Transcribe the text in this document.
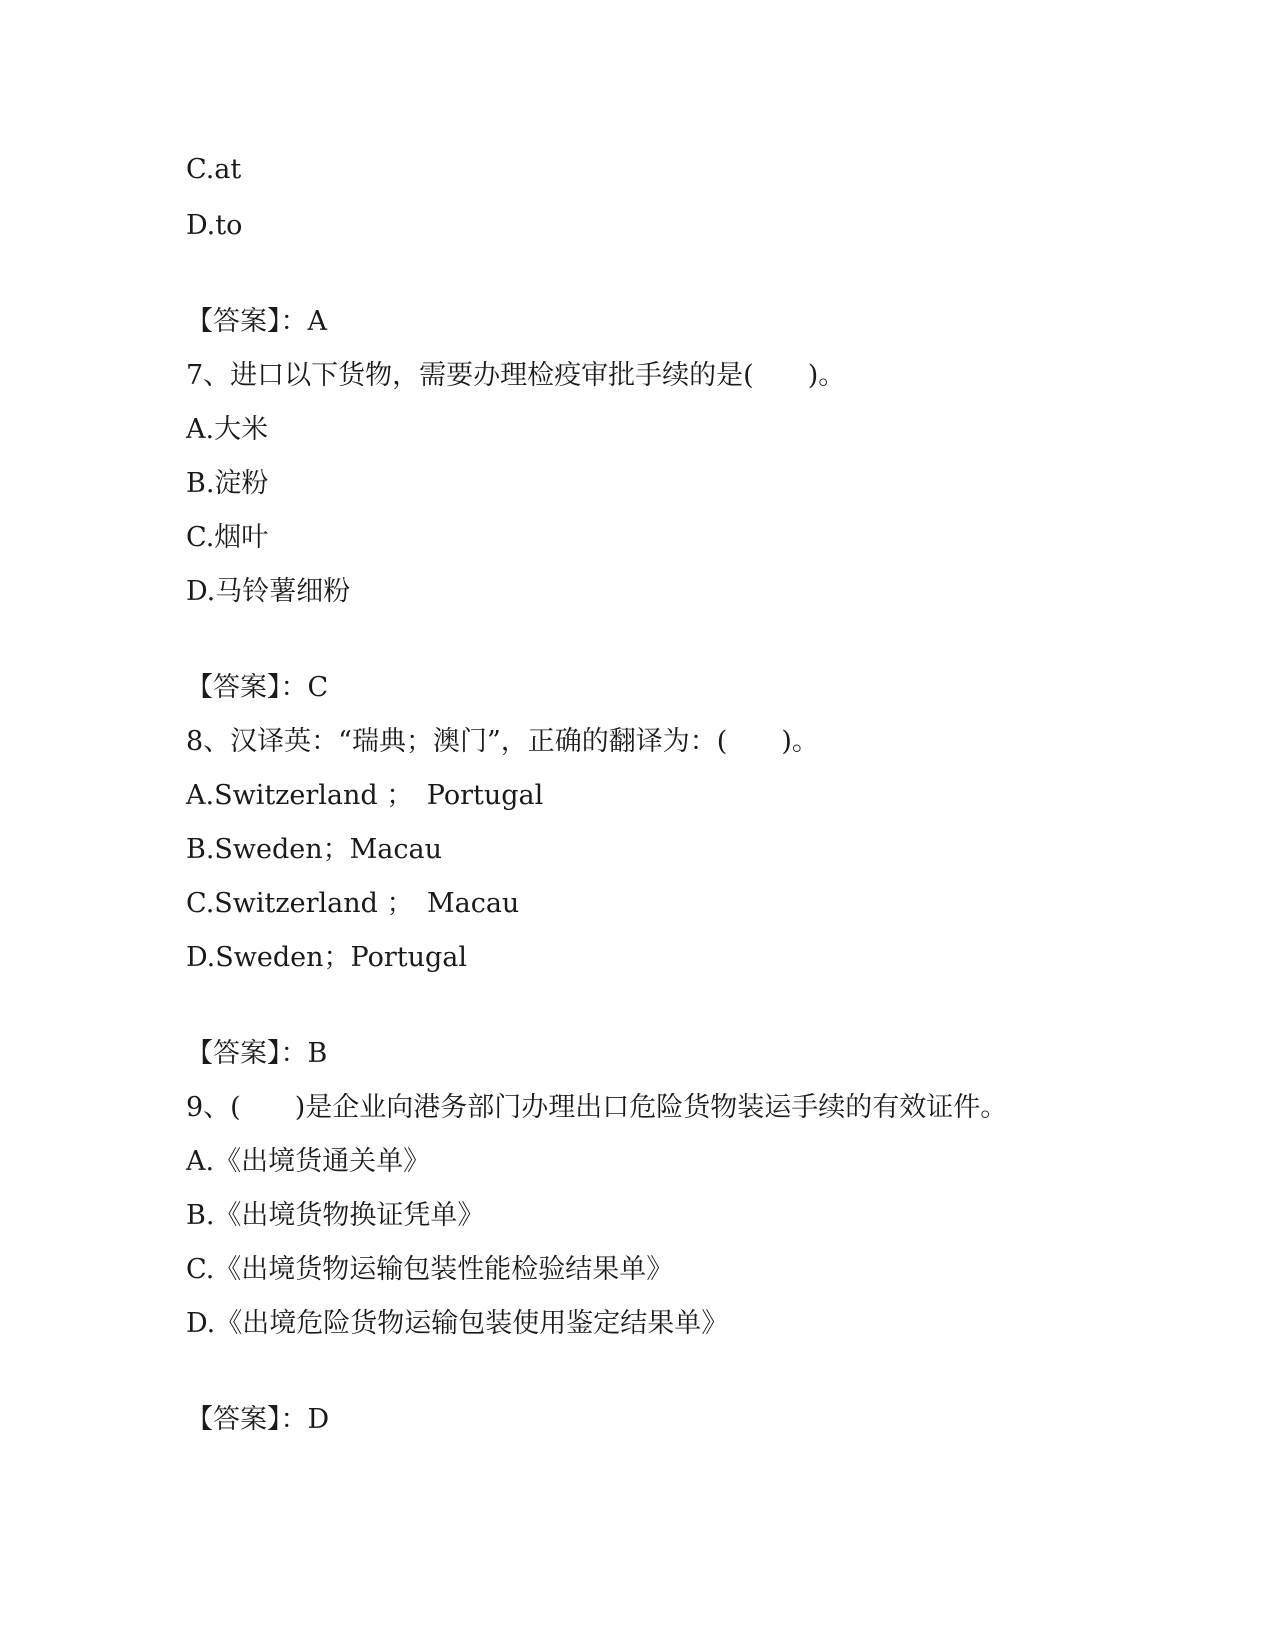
C.at
D.to
【答案】：A
7、进口以下货物，需要办理检疫审批手续的是(　　)。
A.大米
B.淀粉
C.烟叶
D.马铃薯细粉
【答案】：C
8、汉译英：“瑞典；澳门”，正确的翻译为：(　　)。
A.Switzerland ；　Portugal
B.Sweden；Macau
C.Switzerland ；　Macau
D.Sweden；Portugal
【答案】：B
9、(　　)是企业向港务部门办理出口危险货物装运手续的有效证件。
A.《出境货通关单》
B.《出境货物换证凭单》
C.《出境货物运输包装性能检验结果单》
D.《出境危险货物运输包装使用鉴定结果单》
【答案】：D
